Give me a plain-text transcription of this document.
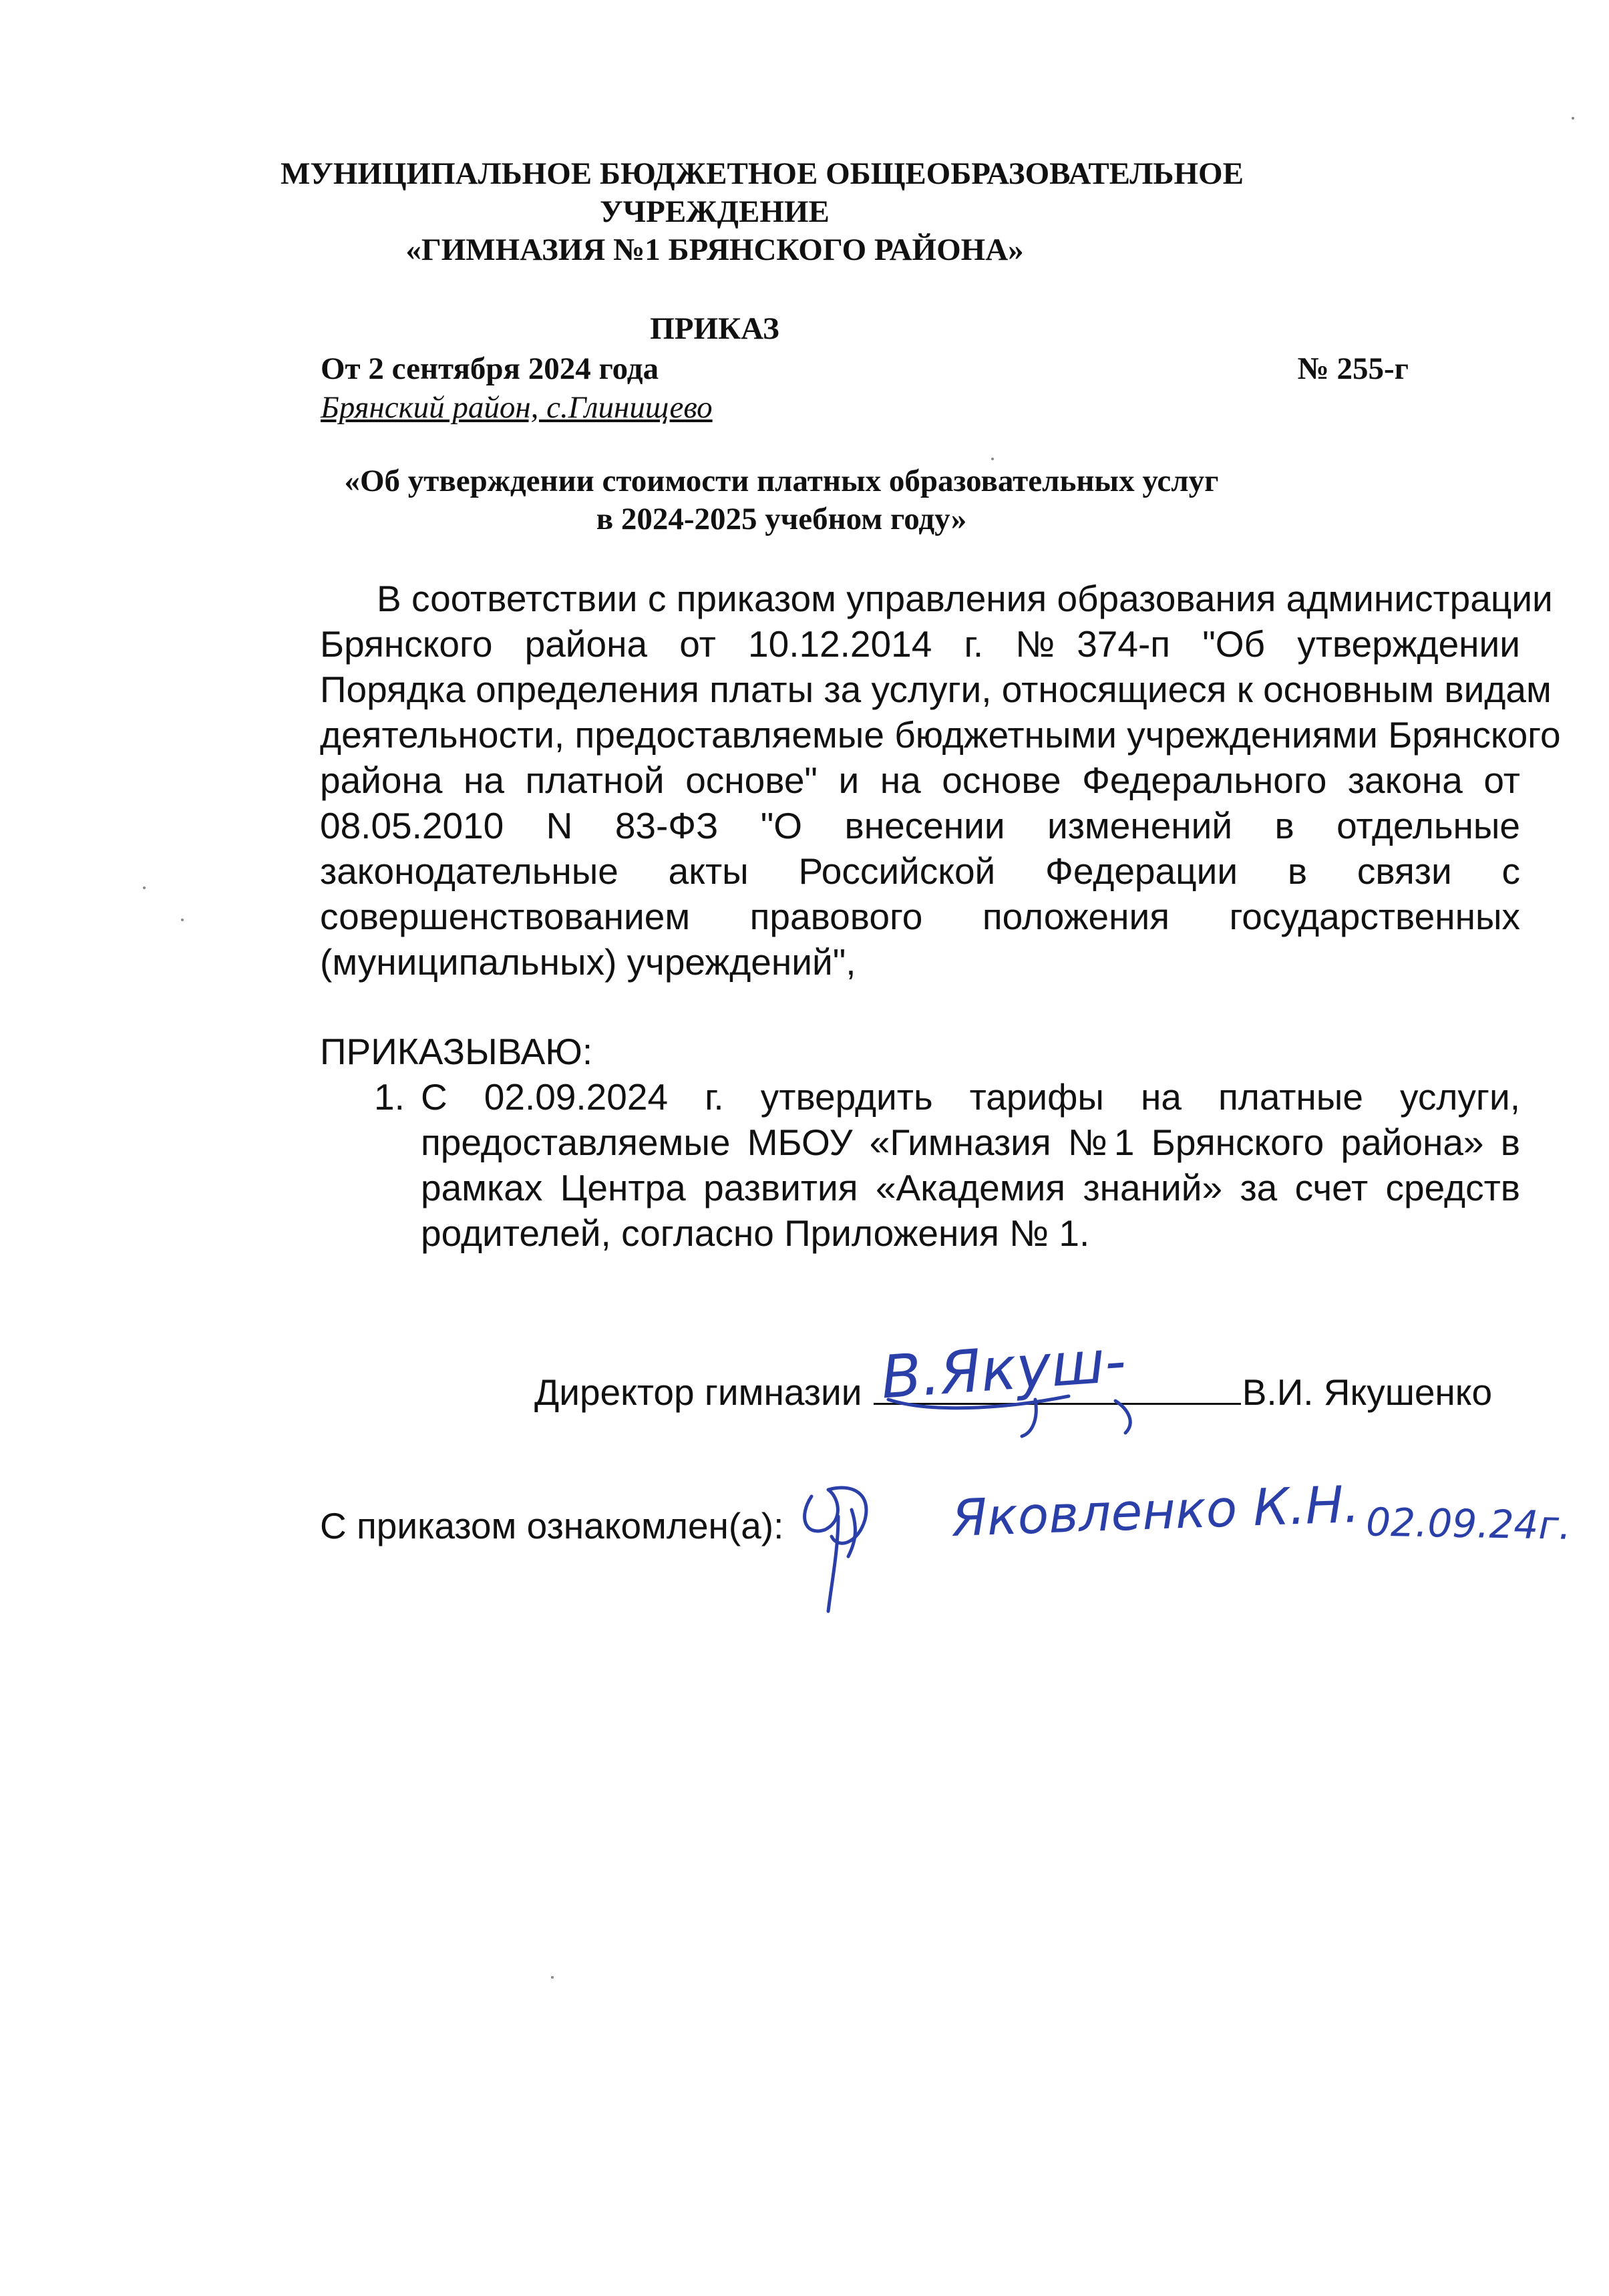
МУНИЦИПАЛЬНОЕ БЮДЖЕТНОЕ ОБЩЕОБРАЗОВАТЕЛЬНОЕ
УЧРЕЖДЕНИЕ
«ГИМНАЗИЯ №1 БРЯНСКОГО РАЙОНА»
ПРИКАЗ
От 2 сентября 2024 года	№ 255-г
Брянский район, с.Глинищево
«Об утверждении стоимости платных образовательных услуг
в 2024-2025 учебном году»
В соответствии с приказом управления образования администрации
Брянского района от 10.12.2014 г. №374-п "Об утверждении
Порядка определения платы за услуги, относящиеся к основным видам
деятельности, предоставляемые бюджетными учреждениями Брянского
района на платной основе" и на основе Федерального закона от
08.05.2010 N 83-ФЗ "О внесении изменений в отдельные
законодательные акты Российской Федерации в связи с
совершенствованием правового положения государственных
(муниципальных) учреждений",
ПРИКАЗЫВАЮ:
1. С 02.09.2024 г. утвердить тарифы на платные услуги,
предоставляемые МБОУ «Гимназия №1 Брянского района» в
рамках Центра развития «Академия знаний» за счет средств
родителей, согласно Приложения № 1.
Директор гимназии	В.И. Якушенко
В.Якуш-
С приказом ознакомлен(а):	Яковленко К.Н. 02.09.24г.
